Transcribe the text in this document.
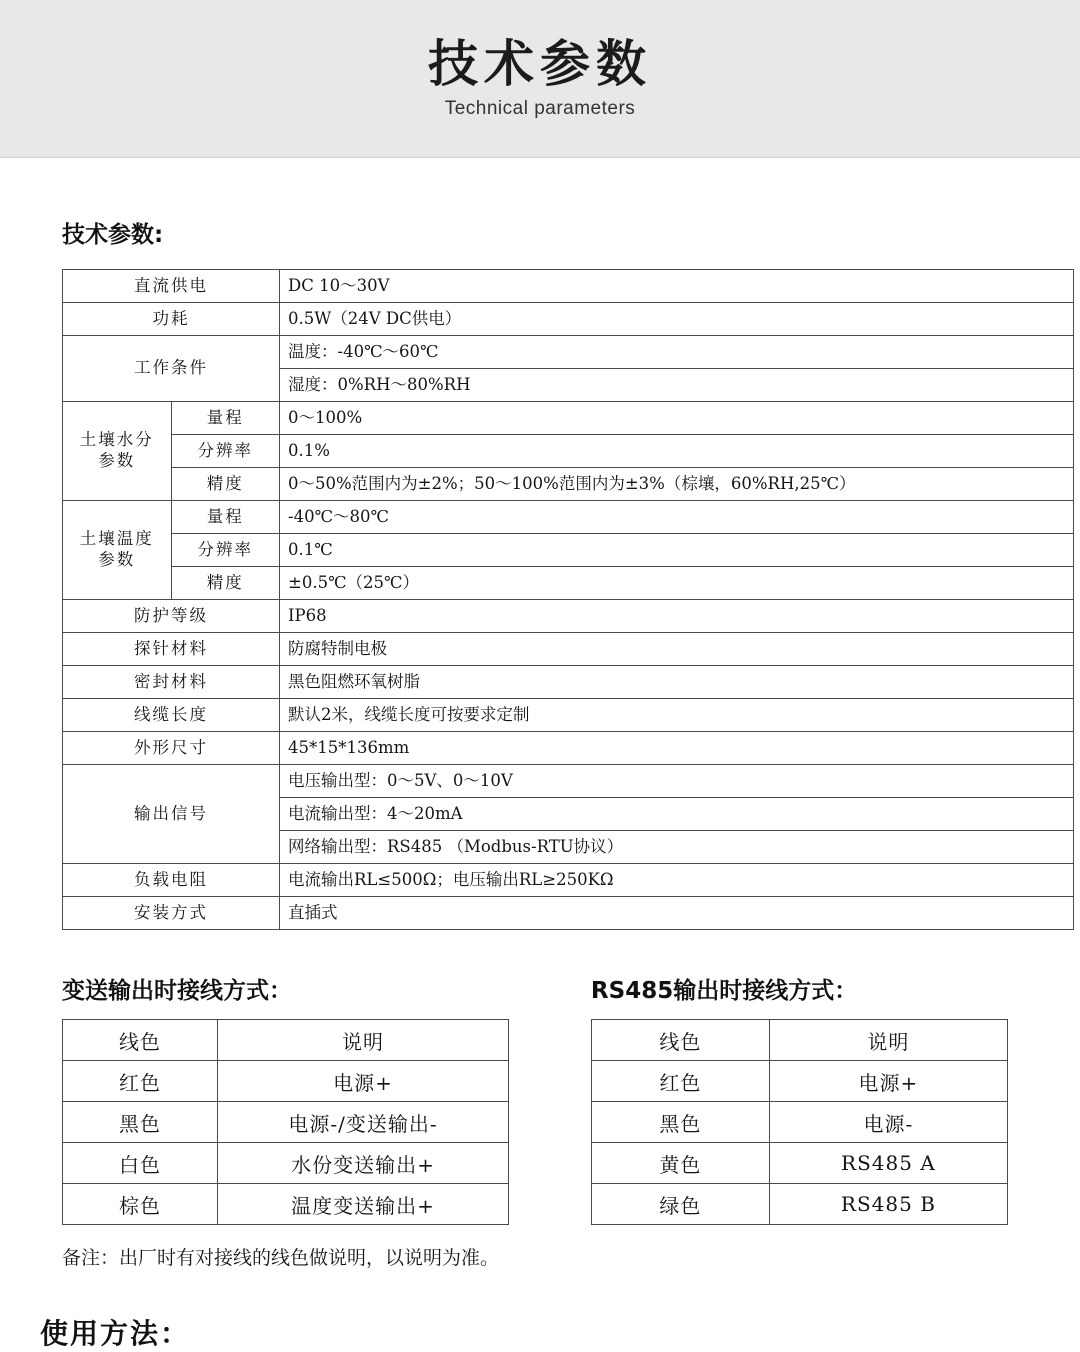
技术参数
Technical parameters
技术参数:
直流供电		DC 10～30V
功耗		0.5W（24V DC供电）
工作条件		温度：-40℃～60℃
		湿度：0%RH～80%RH
土壤水分参数	量程	0～100%
	分辨率	0.1%
	精度	0～50%范围内为±2%；50～100%范围内为±3%（棕壤，60%RH,25℃）
土壤温度参数	量程	-40℃～80℃
	分辨率	0.1℃
	精度	±0.5℃（25℃）
防护等级		IP68
探针材料		防腐特制电极
密封材料		黑色阻燃环氧树脂
线缆长度		默认2米，线缆长度可按要求定制
外形尺寸		45*15*136mm
输出信号		电压输出型：0～5V、0～10V
		电流输出型：4～20mA
		网络输出型：RS485 （Modbus-RTU协议）
负载电阻		电流输出RL≤500Ω；电压输出RL≥250KΩ
安装方式		直插式
变送输出时接线方式：
线色	说明
红色	电源+
黑色	电源-/变送输出-
白色	水份变送输出+
棕色	温度变送输出+
RS485输出时接线方式：
线色	说明
红色	电源+
黑色	电源-
黄色	RS485 A
绿色	RS485 B
备注：出厂时有对接线的线色做说明，以说明为准。
使用方法：
